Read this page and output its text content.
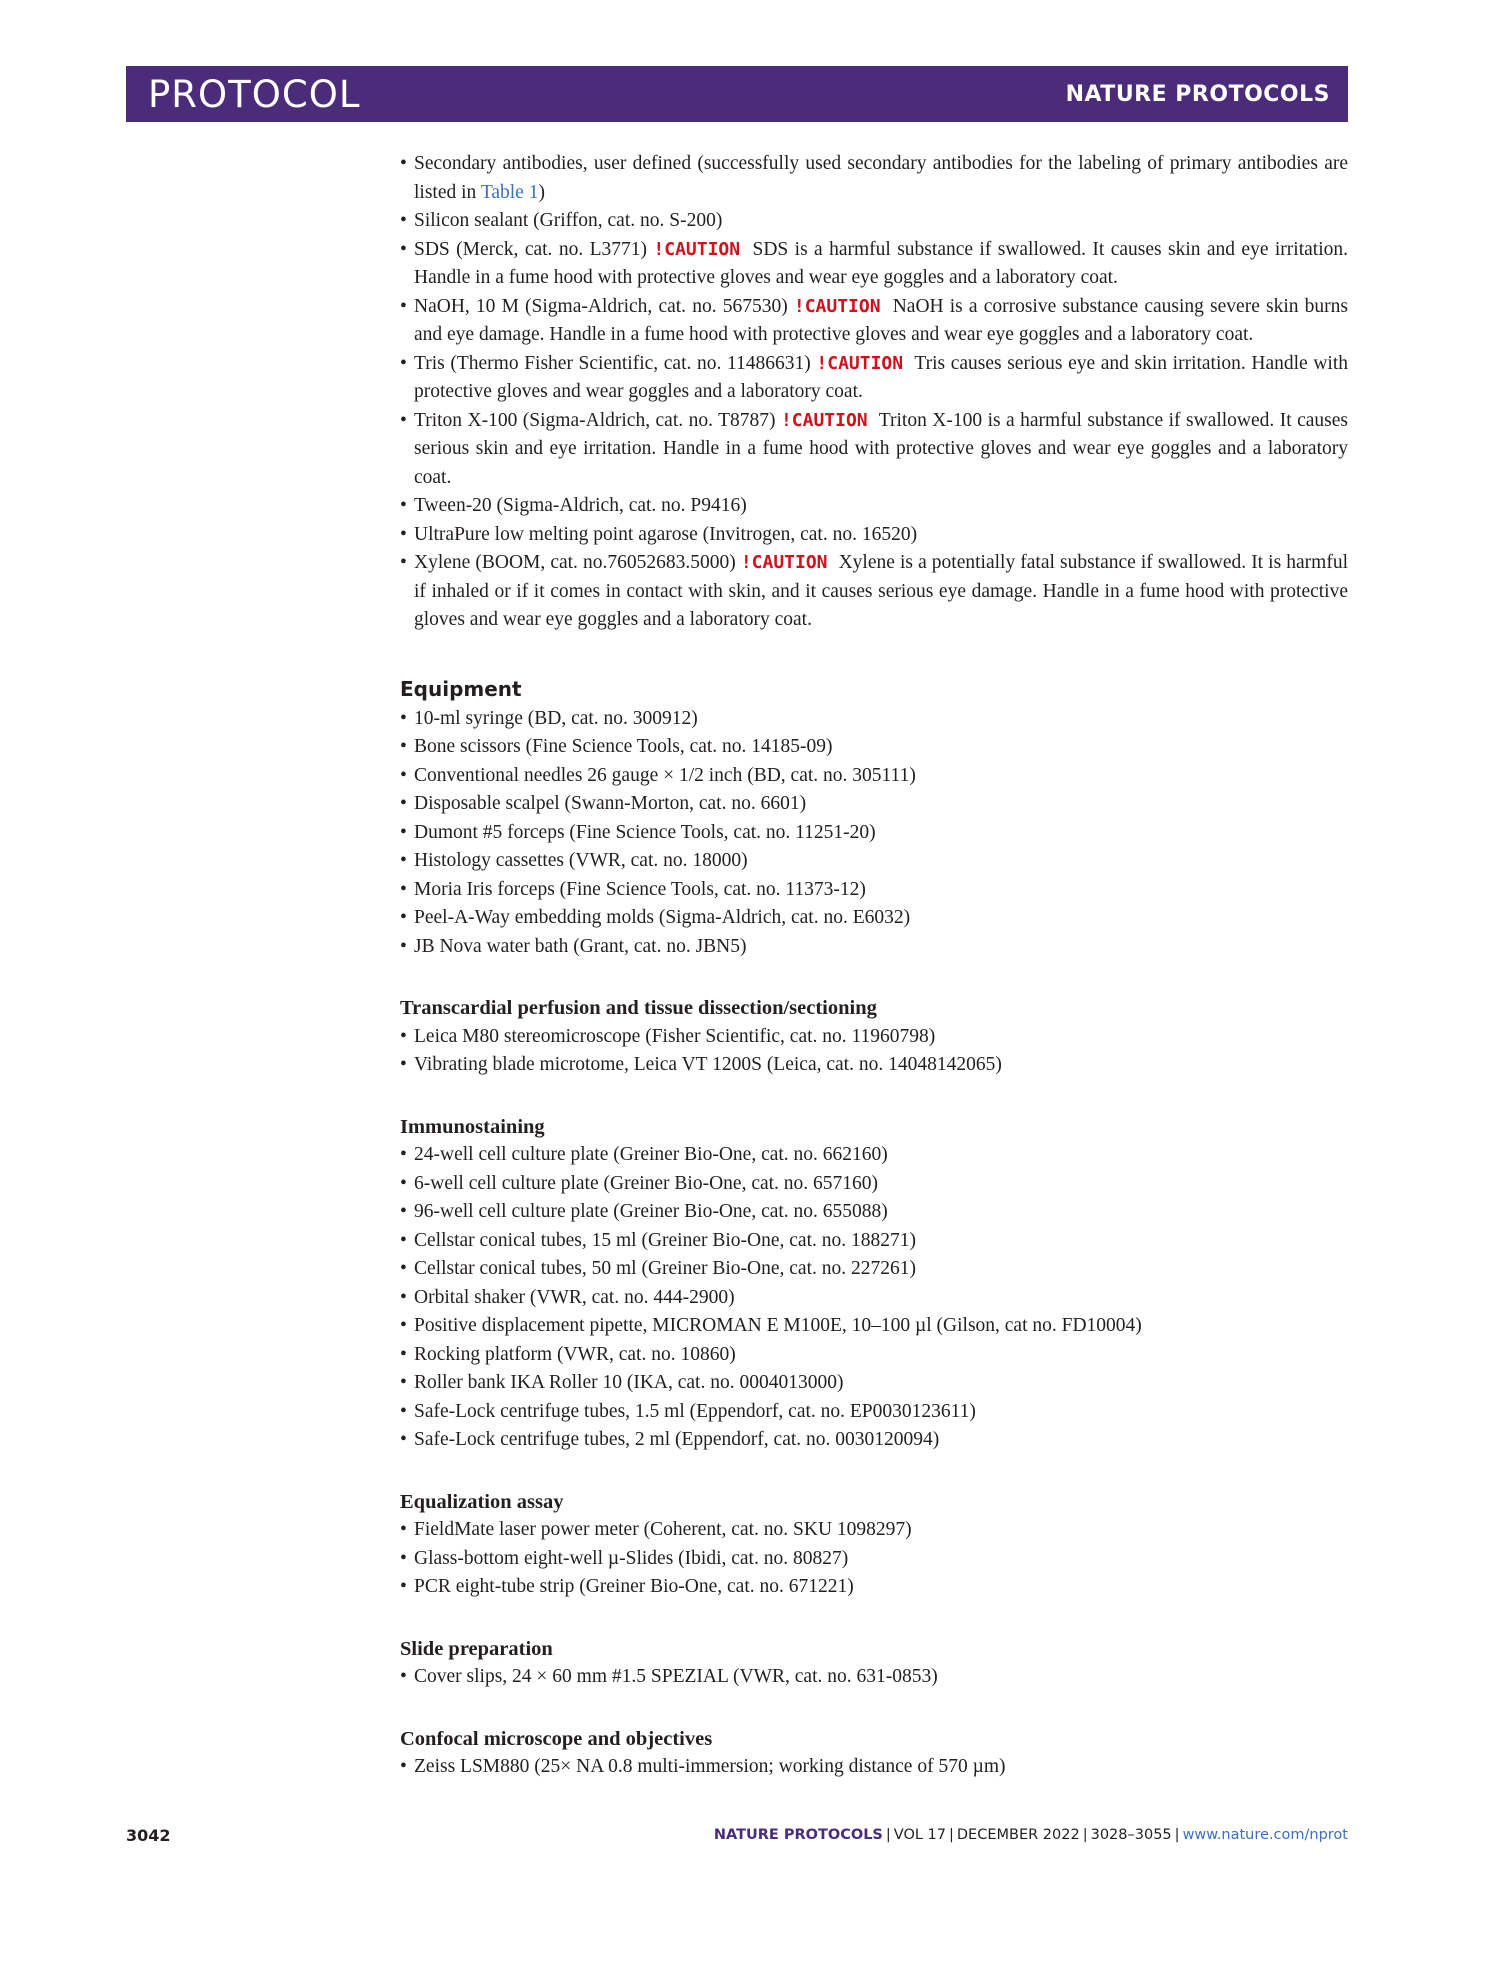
PROTOCOL	NATURE PROTOCOLS
• Secondary antibodies, user defined (successfully used secondary antibodies for the labeling of primary antibodies are listed in Table 1)
• Silicon sealant (Griffon, cat. no. S-200)
• SDS (Merck, cat. no. L3771) !CAUTION SDS is a harmful substance if swallowed. It causes skin and eye irritation. Handle in a fume hood with protective gloves and wear eye goggles and a laboratory coat.
• NaOH, 10 M (Sigma-Aldrich, cat. no. 567530) !CAUTION NaOH is a corrosive substance causing severe skin burns and eye damage. Handle in a fume hood with protective gloves and wear eye goggles and a laboratory coat.
• Tris (Thermo Fisher Scientific, cat. no. 11486631) !CAUTION Tris causes serious eye and skin irritation. Handle with protective gloves and wear goggles and a laboratory coat.
• Triton X-100 (Sigma-Aldrich, cat. no. T8787) !CAUTION Triton X-100 is a harmful substance if swallowed. It causes serious skin and eye irritation. Handle in a fume hood with protective gloves and wear eye goggles and a laboratory coat.
• Tween-20 (Sigma-Aldrich, cat. no. P9416)
• UltraPure low melting point agarose (Invitrogen, cat. no. 16520)
• Xylene (BOOM, cat. no.76052683.5000) !CAUTION Xylene is a potentially fatal substance if swallowed. It is harmful if inhaled or if it comes in contact with skin, and it causes serious eye damage. Handle in a fume hood with protective gloves and wear eye goggles and a laboratory coat.
Equipment
• 10-ml syringe (BD, cat. no. 300912)
• Bone scissors (Fine Science Tools, cat. no. 14185-09)
• Conventional needles 26 gauge × 1/2 inch (BD, cat. no. 305111)
• Disposable scalpel (Swann-Morton, cat. no. 6601)
• Dumont #5 forceps (Fine Science Tools, cat. no. 11251-20)
• Histology cassettes (VWR, cat. no. 18000)
• Moria Iris forceps (Fine Science Tools, cat. no. 11373-12)
• Peel-A-Way embedding molds (Sigma-Aldrich, cat. no. E6032)
• JB Nova water bath (Grant, cat. no. JBN5)
Transcardial perfusion and tissue dissection/sectioning
• Leica M80 stereomicroscope (Fisher Scientific, cat. no. 11960798)
• Vibrating blade microtome, Leica VT 1200S (Leica, cat. no. 14048142065)
Immunostaining
• 24-well cell culture plate (Greiner Bio-One, cat. no. 662160)
• 6-well cell culture plate (Greiner Bio-One, cat. no. 657160)
• 96-well cell culture plate (Greiner Bio-One, cat. no. 655088)
• Cellstar conical tubes, 15 ml (Greiner Bio-One, cat. no. 188271)
• Cellstar conical tubes, 50 ml (Greiner Bio-One, cat. no. 227261)
• Orbital shaker (VWR, cat. no. 444-2900)
• Positive displacement pipette, MICROMAN E M100E, 10–100 µl (Gilson, cat no. FD10004)
• Rocking platform (VWR, cat. no. 10860)
• Roller bank IKA Roller 10 (IKA, cat. no. 0004013000)
• Safe-Lock centrifuge tubes, 1.5 ml (Eppendorf, cat. no. EP0030123611)
• Safe-Lock centrifuge tubes, 2 ml (Eppendorf, cat. no. 0030120094)
Equalization assay
• FieldMate laser power meter (Coherent, cat. no. SKU 1098297)
• Glass-bottom eight-well µ-Slides (Ibidi, cat. no. 80827)
• PCR eight-tube strip (Greiner Bio-One, cat. no. 671221)
Slide preparation
• Cover slips, 24 × 60 mm #1.5 SPEZIAL (VWR, cat. no. 631-0853)
Confocal microscope and objectives
• Zeiss LSM880 (25× NA 0.8 multi-immersion; working distance of 570 µm)
3042	NATURE PROTOCOLS | VOL 17 | DECEMBER 2022 | 3028–3055 | www.nature.com/nprot
